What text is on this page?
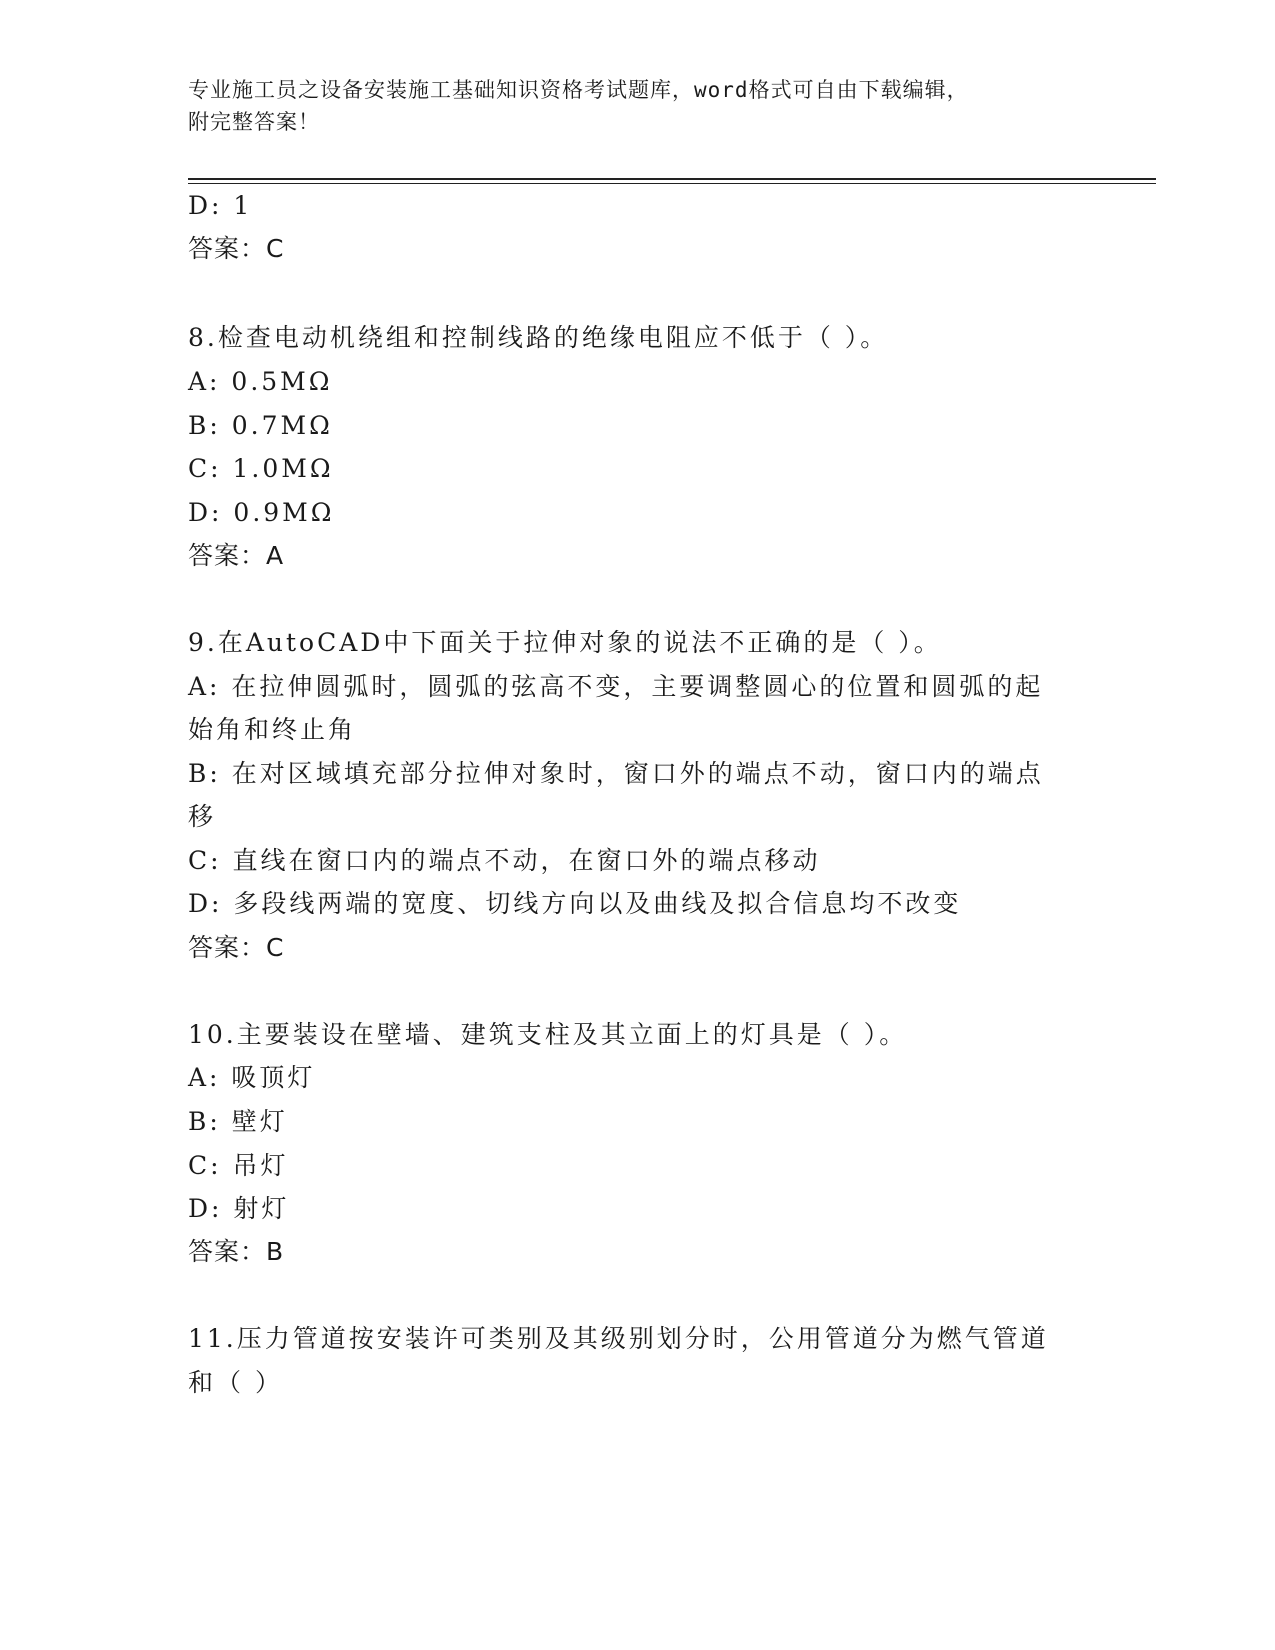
专业施工员之设备安装施工基础知识资格考试题库，word格式可自由下载编辑，
附完整答案！
D: 1
答案：C
8.检查电动机绕组和控制线路的绝缘电阻应不低于（ ）。
A: 0.5MΩ
B: 0.7MΩ
C: 1.0MΩ
D: 0.9MΩ
答案：A
9.在AutoCAD中下面关于拉伸对象的说法不正确的是（ ）。
A: 在拉伸圆弧时，圆弧的弦高不变，主要调整圆心的位置和圆弧的起
始角和终止角
B: 在对区域填充部分拉伸对象时，窗口外的端点不动，窗口内的端点
移
C: 直线在窗口内的端点不动，在窗口外的端点移动
D: 多段线两端的宽度、切线方向以及曲线及拟合信息均不改变
答案：C
10.主要装设在壁墙、建筑支柱及其立面上的灯具是（ ）。
A: 吸顶灯
B: 壁灯
C: 吊灯
D: 射灯
答案：B
11.压力管道按安装许可类别及其级别划分时，公用管道分为燃气管道
和（ ）
